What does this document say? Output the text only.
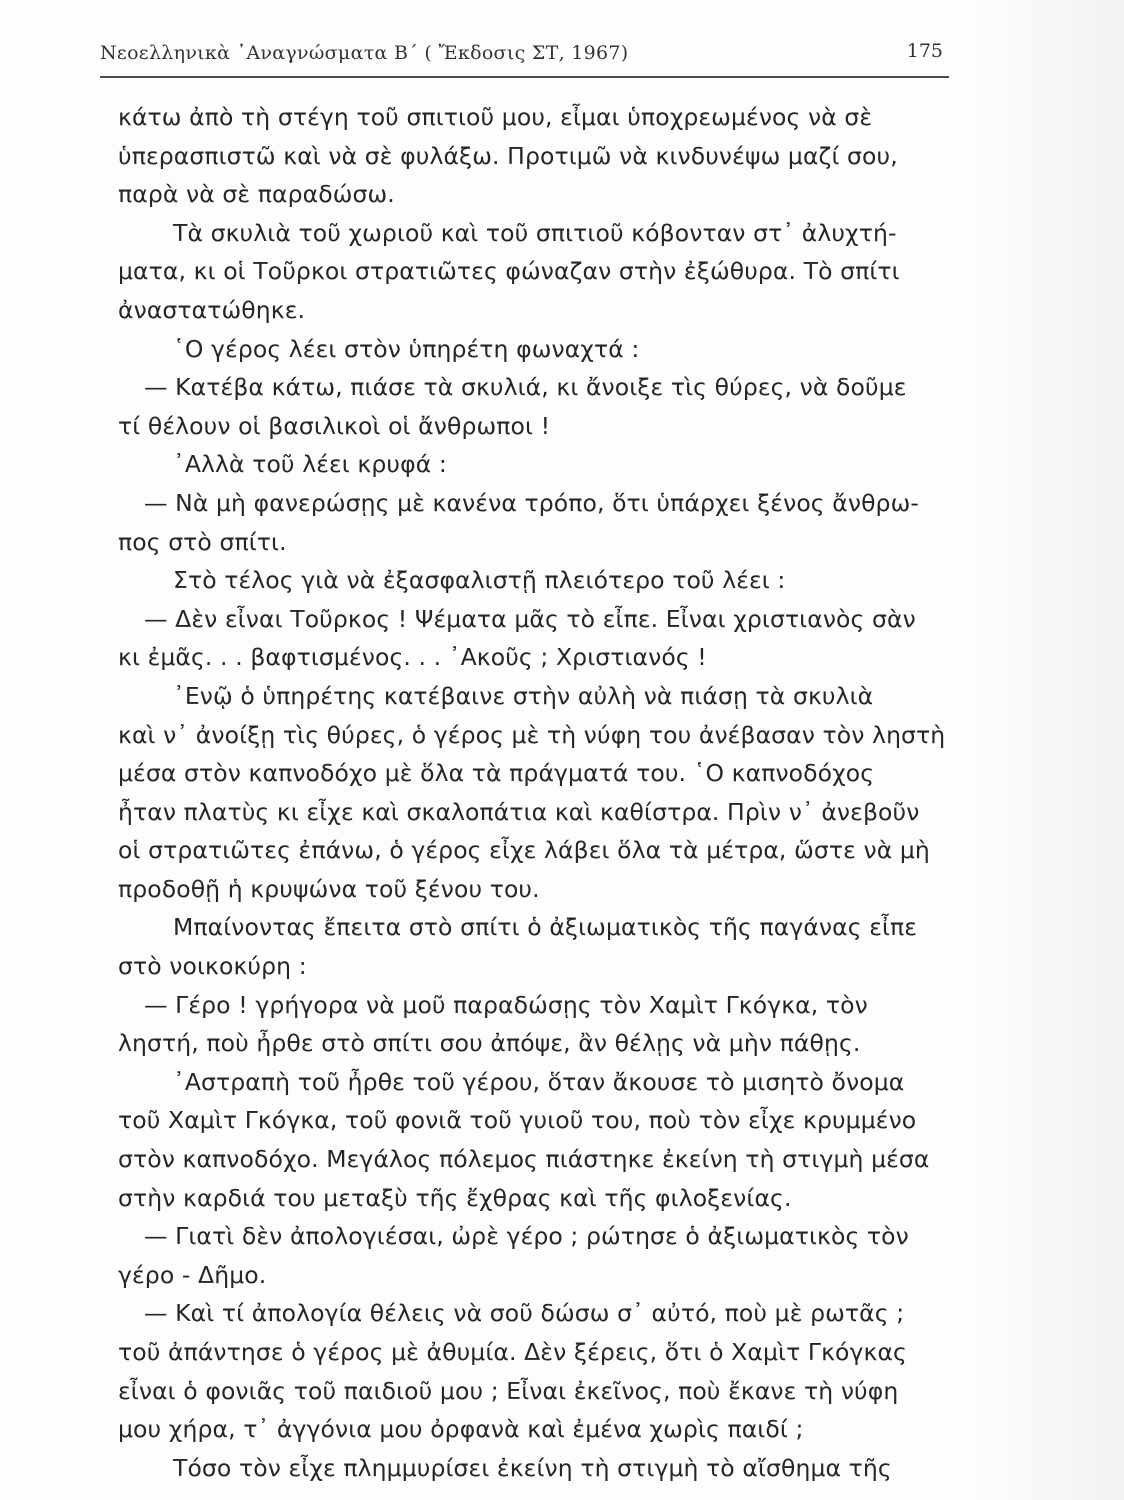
Νεοελληνικὰ ᾿Αναγνώσματα Β΄ ( Ἔκδοσις ΣΤ, 1967)	175
κάτω ἀπὸ τὴ στέγη τοῦ σπιτιοῦ μου, εἶμαι ὑποχρεωμένος νὰ σὲ
ὑπερασπιστῶ καὶ νὰ σὲ φυλάξω. Προτιμῶ νὰ κινδυνέψω μαζί σου,
παρὰ νὰ σὲ παραδώσω.
Τὰ σκυλιὰ τοῦ χωριοῦ καὶ τοῦ σπιτιοῦ κόβονταν στ᾿ ἀλυχτή-
ματα, κι οἱ Τοῦρκοι στρατιῶτες φώναζαν στὴν ἐξώθυρα. Τὸ σπίτι
ἀναστατώθηκε.
῾Ο γέρος λέει στὸν ὑπηρέτη φωναχτά :
— Κατέβα κάτω, πιάσε τὰ σκυλιά, κι ἄνοιξε τὶς θύρες, νὰ δοῦμε
τί θέλουν οἱ βασιλικοὶ οἱ ἄνθρωποι !
᾿Αλλὰ τοῦ λέει κρυφά :
— Νὰ μὴ φανερώσῃς μὲ κανένα τρόπο, ὅτι ὑπάρχει ξένος ἄνθρω-
πος στὸ σπίτι.
Στὸ τέλος γιὰ νὰ ἐξασφαλιστῇ πλειότερο τοῦ λέει :
— Δὲν εἶναι Τοῦρκος ! Ψέματα μᾶς τὸ εἶπε. Εἶναι χριστιανὸς σὰν
κι ἐμᾶς. . . βαφτισμένος. . . ᾿Ακοῦς ; Χριστιανός !
᾿Ενῷ ὁ ὑπηρέτης κατέβαινε στὴν αὐλὴ νὰ πιάσῃ τὰ σκυλιὰ
καὶ ν᾿ ἀνοίξῃ τὶς θύρες, ὁ γέρος μὲ τὴ νύφη του ἀνέβασαν τὸν ληστὴ
μέσα στὸν καπνοδόχο μὲ ὅλα τὰ πράγματά του. ῾Ο καπνοδόχος
ἦταν πλατὺς κι εἶχε καὶ σκαλοπάτια καὶ καθίστρα. Πρὶν ν᾿ ἀνεβοῦν
οἱ στρατιῶτες ἐπάνω, ὁ γέρος εἶχε λάβει ὅλα τὰ μέτρα, ὥστε νὰ μὴ
προδοθῇ ἡ κρυψώνα τοῦ ξένου του.
Μπαίνοντας ἔπειτα στὸ σπίτι ὁ ἀξιωματικὸς τῆς παγάνας εἶπε
στὸ νοικοκύρη :
— Γέρο ! γρήγορα νὰ μοῦ παραδώσῃς τὸν Χαμὶτ Γκόγκα, τὸν
ληστή, ποὺ ἦρθε στὸ σπίτι σου ἀπόψε, ἂν θέλῃς νὰ μὴν πάθῃς.
᾿Αστραπὴ τοῦ ἦρθε τοῦ γέρου, ὅταν ἄκουσε τὸ μισητὸ ὄνομα
τοῦ Χαμὶτ Γκόγκα, τοῦ φονιᾶ τοῦ γυιοῦ του, ποὺ τὸν εἶχε κρυμμένο
στὸν καπνοδόχο. Μεγάλος πόλεμος πιάστηκε ἐκείνη τὴ στιγμὴ μέσα
στὴν καρδιά του μεταξὺ τῆς ἔχθρας καὶ τῆς φιλοξενίας.
— Γιατὶ δὲν ἀπολογιέσαι, ὠρὲ γέρο ; ρώτησε ὁ ἀξιωματικὸς τὸν
γέρο - Δῆμο.
— Καὶ τί ἀπολογία θέλεις νὰ σοῦ δώσω σ᾿ αὐτό, ποὺ μὲ ρωτᾶς ;
τοῦ ἀπάντησε ὁ γέρος μὲ ἀθυμία. Δὲν ξέρεις, ὅτι ὁ Χαμὶτ Γκόγκας
εἶναι ὁ φονιᾶς τοῦ παιδιοῦ μου ; Εἶναι ἐκεῖνος, ποὺ ἔκανε τὴ νύφη
μου χήρα, τ᾿ ἀγγόνια μου ὀρφανὰ καὶ ἐμένα χωρὶς παιδί ;
Τόσο τὸν εἶχε πλημμυρίσει ἐκείνη τὴ στιγμὴ τὸ αἴσθημα τῆς
